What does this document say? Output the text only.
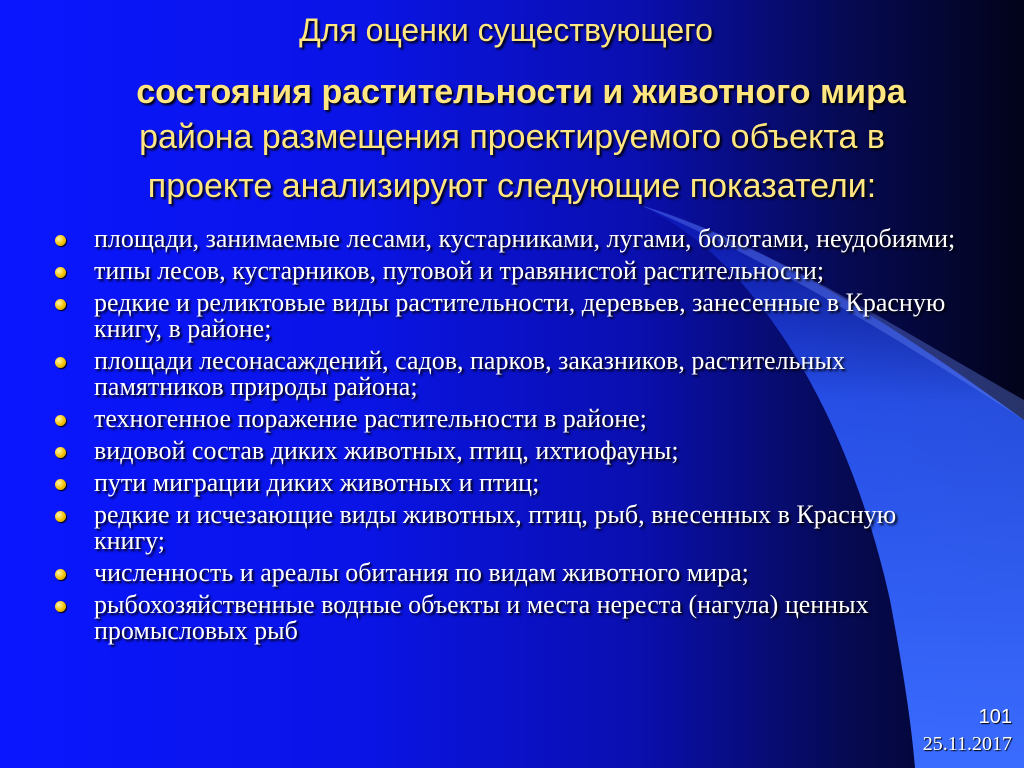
Для оценки существующего
состояния растительности и животного мира
района размещения проектируемого объекта в
проекте анализируют следующие показатели:
площади, занимаемые лесами, кустарниками, лугами, болотами, неудобиями;
типы лесов, кустарников, путовой и травянистой растительности;
редкие и реликтовые виды растительности, деревьев, занесенные в Красную книгу, в районе;
площади лесонасаждений, садов, парков, заказников, растительных памятников природы района;
техногенное поражение растительности в районе;
видовой состав диких животных, птиц, ихтиофауны;
пути миграции диких животных и птиц;
редкие и исчезающие виды животных, птиц, рыб, внесенных в Красную книгу;
численность и ареалы обитания по видам животного мира;
рыбохозяйственные водные объекты и места нереста (нагула) ценных промысловых рыб
101
25.11.2017
